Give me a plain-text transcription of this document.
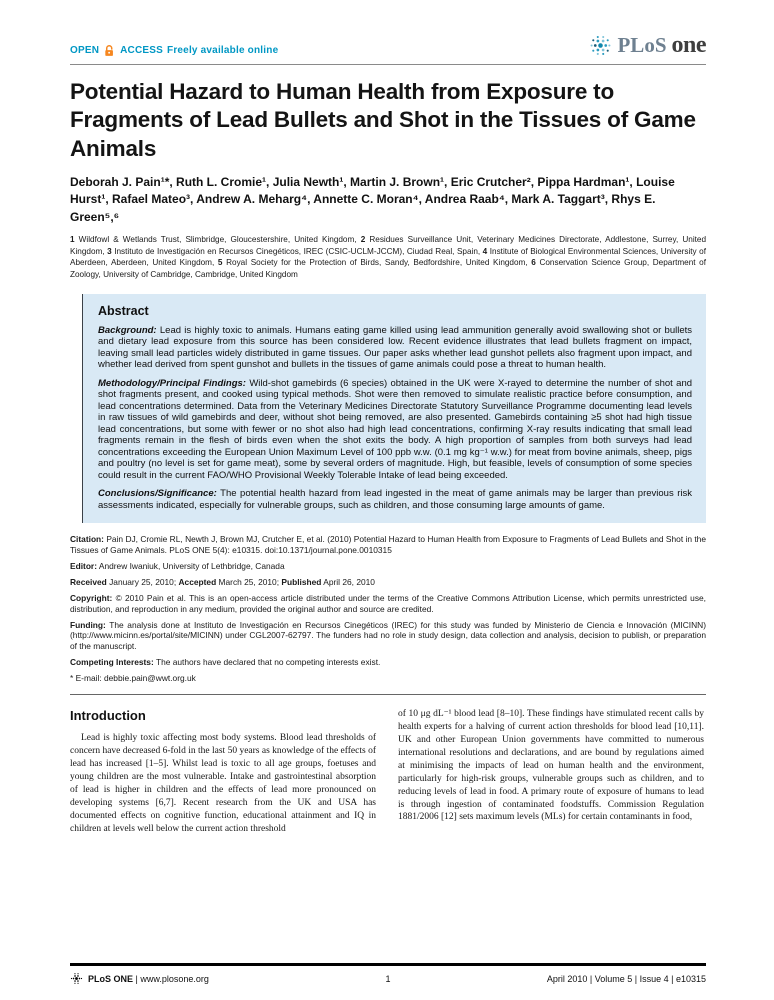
OPEN ACCESS Freely available online	PLoS one
Potential Hazard to Human Health from Exposure to Fragments of Lead Bullets and Shot in the Tissues of Game Animals

Deborah J. Pain¹*, Ruth L. Cromie¹, Julia Newth¹, Martin J. Brown¹, Eric Crutcher², Pippa Hardman¹, Louise Hurst¹, Rafael Mateo³, Andrew A. Meharg⁴, Annette C. Moran⁴, Andrea Raab⁴, Mark A. Taggart³, Rhys E. Green⁵,⁶

1 Wildfowl & Wetlands Trust, Slimbridge, Gloucestershire, United Kingdom, 2 Residues Surveillance Unit, Veterinary Medicines Directorate, Addlestone, Surrey, United Kingdom, 3 Instituto de Investigación en Recursos Cinegéticos, IREC (CSIC-UCLM-JCCM), Ciudad Real, Spain, 4 Institute of Biological Environmental Sciences, University of Aberdeen, Aberdeen, United Kingdom, 5 Royal Society for the Protection of Birds, Sandy, Bedfordshire, United Kingdom, 6 Conservation Science Group, Department of Zoology, University of Cambridge, Cambridge, United Kingdom

Abstract

Background: Lead is highly toxic to animals. Humans eating game killed using lead ammunition generally avoid swallowing shot or bullets and dietary lead exposure from this source has been considered low. Recent evidence illustrates that lead bullets fragment on impact, leaving small lead particles widely distributed in game tissues. Our paper asks whether lead gunshot pellets also fragment upon impact, and whether lead derived from spent gunshot and bullets in the tissues of game animals could pose a threat to human health.

Methodology/Principal Findings: Wild-shot gamebirds (6 species) obtained in the UK were X-rayed to determine the number of shot and shot fragments present, and cooked using typical methods. Shot were then removed to simulate realistic practice before consumption, and lead concentrations determined. Data from the Veterinary Medicines Directorate Statutory Surveillance Programme documenting lead levels in raw tissues of wild gamebirds and deer, without shot being removed, are also presented. Gamebirds containing ≥5 shot had high tissue lead concentrations, but some with fewer or no shot also had high lead concentrations, confirming X-ray results indicating that small lead fragments remain in the flesh of birds even when the shot exits the body. A high proportion of samples from both surveys had lead concentrations exceeding the European Union Maximum Level of 100 ppb w.w. (0.1 mg kg⁻¹ w.w.) for meat from bovine animals, sheep, pigs and poultry (no level is set for game meat), some by several orders of magnitude. High, but feasible, levels of consumption of some species could result in the current FAO/WHO Provisional Weekly Tolerable Intake of lead being exceeded.

Conclusions/Significance: The potential health hazard from lead ingested in the meat of game animals may be larger than previous risk assessments indicated, especially for vulnerable groups, such as children, and those consuming large amounts of game.

Citation: Pain DJ, Cromie RL, Newth J, Brown MJ, Crutcher E, et al. (2010) Potential Hazard to Human Health from Exposure to Fragments of Lead Bullets and Shot in the Tissues of Game Animals. PLoS ONE 5(4): e10315. doi:10.1371/journal.pone.0010315

Editor: Andrew Iwaniuk, University of Lethbridge, Canada

Received January 25, 2010; Accepted March 25, 2010; Published April 26, 2010

Copyright: © 2010 Pain et al. This is an open-access article distributed under the terms of the Creative Commons Attribution License, which permits unrestricted use, distribution, and reproduction in any medium, provided the original author and source are credited.

Funding: The analysis done at Instituto de Investigación en Recursos Cinegéticos (IREC) for this study was funded by Ministerio de Ciencia e Innovación (MICINN) (http://www.micinn.es/portal/site/MICINN) under CGL2007-62797. The funders had no role in study design, data collection and analysis, decision to publish, or preparation of the manuscript.

Competing Interests: The authors have declared that no competing interests exist.

* E-mail: debbie.pain@wwt.org.uk

Introduction

Lead is highly toxic affecting most body systems. Blood lead thresholds of concern have decreased 6-fold in the last 50 years as knowledge of the effects of lead has increased [1–5]. Whilst lead is toxic to all age groups, foetuses and young children are the most vulnerable. Intake and gastrointestinal absorption of lead is higher in children and the effects of lead more pronounced on developing systems [6,7]. Recent research from the UK and USA has documented effects on cognitive function, educational attainment and IQ in children at levels well below the current action threshold

of 10 μg dL⁻¹ blood lead [8–10]. These findings have stimulated recent calls by health experts for a halving of current action thresholds for blood lead [10,11]. UK and other European Union governments have committed to numerous international resolutions and declarations, and are bound by regulations aimed at minimising the impacts of lead on human health and the environment, particularly for high-risk groups, vulnerable groups such as children, and to reducing levels of lead in food. A primary route of exposure of humans to lead is through ingestion of contaminated foodstuffs. Commission Regulation 1881/2006 [12] sets maximum levels (MLs) for certain contaminants in food,

PLoS ONE | www.plosone.org	1	April 2010 | Volume 5 | Issue 4 | e10315
